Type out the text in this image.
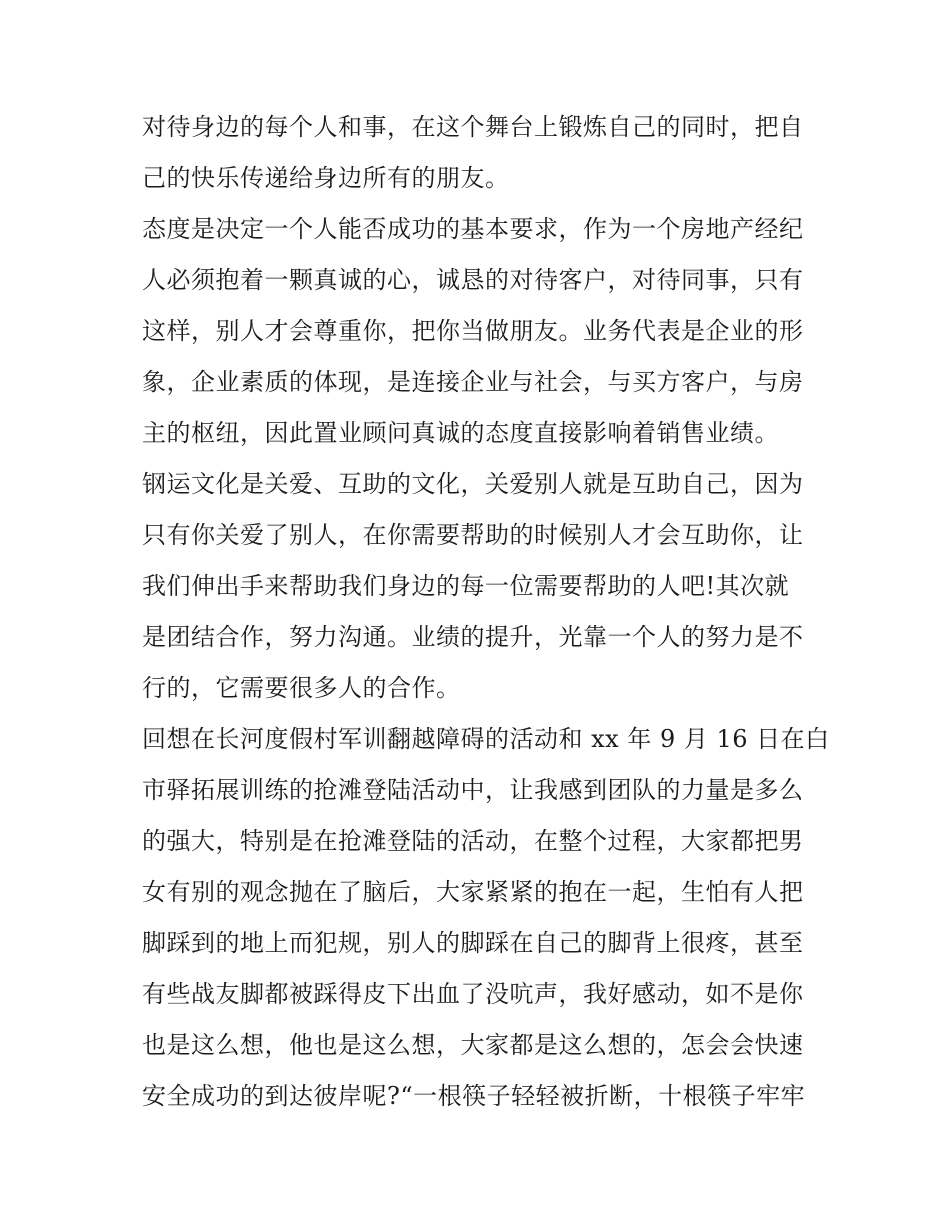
对待身边的每个人和事，在这个舞台上锻炼自己的同时，把自
己的快乐传递给身边所有的朋友。
态度是决定一个人能否成功的基本要求，作为一个房地产经纪
人必须抱着一颗真诚的心，诚恳的对待客户，对待同事，只有
这样，别人才会尊重你，把你当做朋友。业务代表是企业的形
象，企业素质的体现，是连接企业与社会，与买方客户，与房
主的枢纽，因此置业顾问真诚的态度直接影响着销售业绩。
钢运文化是关爱、互助的文化，关爱别人就是互助自己，因为
只有你关爱了别人，在你需要帮助的时候别人才会互助你，让
我们伸出手来帮助我们身边的每一位需要帮助的人吧!其次就
是团结合作，努力沟通。业绩的提升，光靠一个人的努力是不
行的，它需要很多人的合作。
回想在长河度假村军训翻越障碍的活动和 xx 年 9 月 16 日在白
市驿拓展训练的抢滩登陆活动中，让我感到团队的力量是多么
的强大，特别是在抢滩登陆的活动，在整个过程，大家都把男
女有别的观念抛在了脑后，大家紧紧的抱在一起，生怕有人把
脚踩到的地上而犯规，别人的脚踩在自己的脚背上很疼，甚至
有些战友脚都被踩得皮下出血了没吭声，我好感动，如不是你
也是这么想，他也是这么想，大家都是这么想的，怎会会快速
安全成功的到达彼岸呢?“一根筷子轻轻被折断，十根筷子牢牢
